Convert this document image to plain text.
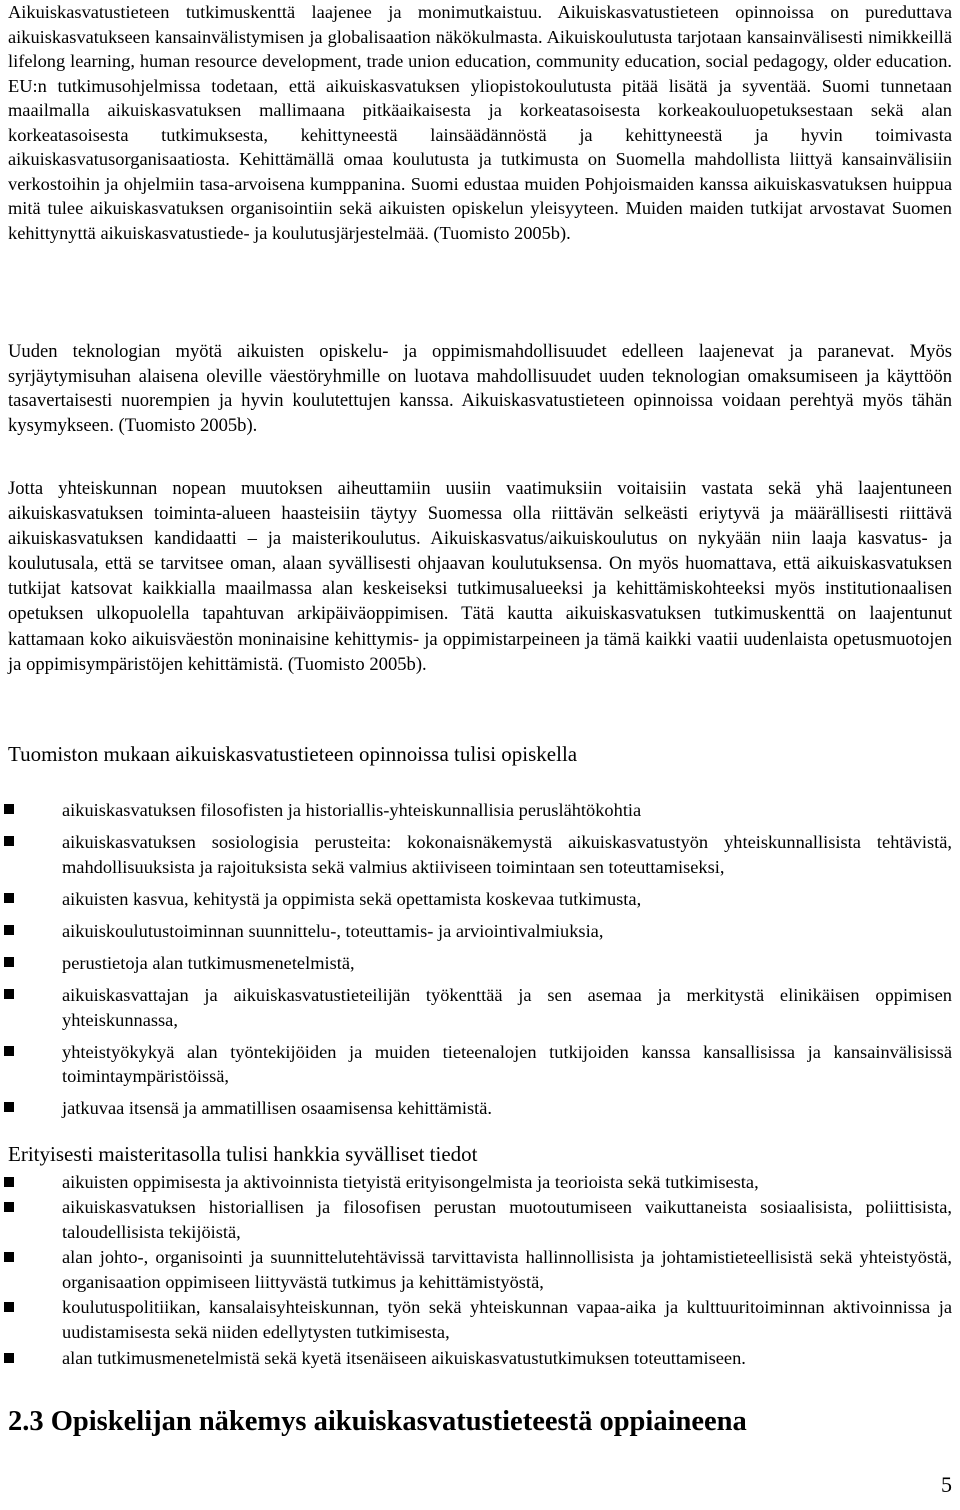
Aikuiskasvatustieteen tutkimuskenttä laajenee ja monimutkaistuu. Aikuiskasvatustieteen opinnoissa on pureduttava aikuiskasvatukseen kansainvälistymisen ja globalisaation näkökulmasta. Aikuiskoulutusta tarjotaan kansainvälisesti nimikkeillä lifelong learning, human resource development, trade union education, community education, social pedagogy, older education. EU:n tutkimusohjelmissa todetaan, että aikuiskasvatuksen yliopistokoulutusta pitää lisätä ja syventää. Suomi tunnetaan maailmalla aikuiskasvatuksen mallimaana pitkäaikaisesta ja korkeatasoisesta korkeakouluopetuksestaan sekä alan korkeatasoisesta tutkimuksesta, kehittyneestä lainsäädännöstä ja kehittyneestä ja hyvin toimivasta aikuiskasvatusorganisaatiosta. Kehittämällä omaa koulutusta ja tutkimusta on Suomella mahdollista liittyä kansainvälisiin verkostoihin ja ohjelmiin tasa-arvoisena kumppanina. Suomi edustaa muiden Pohjoismaiden kanssa aikuiskasvatuksen huippua mitä tulee aikuiskasvatuksen organisointiin sekä aikuisten opiskelun yleisyyteen. Muiden maiden tutkijat arvostavat Suomen kehittynyttä aikuiskasvatustiede- ja koulutusjärjestelmää. (Tuomisto 2005b).

Uuden teknologian myötä aikuisten opiskelu- ja oppimismahdollisuudet edelleen laajenevat ja paranevat. Myös syrjäytymisuhan alaisena oleville väestöryhmille on luotava mahdollisuudet uuden teknologian omaksumiseen ja käyttöön tasavertaisesti nuorempien ja hyvin koulutettujen kanssa. Aikuiskasvatustieteen opinnoissa voidaan perehtyä myös tähän kysymykseen. (Tuomisto 2005b).

Jotta yhteiskunnan nopean muutoksen aiheuttamiin uusiin vaatimuksiin voitaisiin vastata sekä yhä laajentuneen aikuiskasvatuksen toiminta-alueen haasteisiin täytyy Suomessa olla riittävän selkeästi eriytyvä ja määrällisesti riittävä aikuiskasvatuksen kandidaatti – ja maisterikoulutus. Aikuiskasvatus/aikuiskoulutus on nykyään niin laaja kasvatus- ja koulutusala, että se tarvitsee oman, alaan syvällisesti ohjaavan koulutuksensa. On myös huomattava, että aikuiskasvatuksen tutkijat katsovat kaikkialla maailmassa alan keskeiseksi tutkimusalueeksi ja kehittämiskohteeksi myös institutionaalisen opetuksen ulkopuolella tapahtuvan arkipäiväoppimisen. Tätä kautta aikuiskasvatuksen tutkimuskenttä on laajentunut kattamaan koko aikuisväestön moninaisine kehittymis- ja oppimistarpeineen ja tämä kaikki vaatii uudenlaista opetusmuotojen ja oppimisympäristöjen kehittämistä. (Tuomisto 2005b).

Tuomiston mukaan aikuiskasvatustieteen opinnoissa tulisi opiskella

aikuiskasvatuksen filosofisten ja historiallis-yhteiskunnallisia peruslähtökohtia
aikuiskasvatuksen sosiologisia perusteita: kokonaisnäkemystä aikuiskasvatustyön yhteiskunnallisista tehtävistä, mahdollisuuksista ja rajoituksista sekä valmius aktiiviseen toimintaan sen toteuttamiseksi,
aikuisten kasvua, kehitystä ja oppimista sekä opettamista koskevaa tutkimusta,
aikuiskoulutustoiminnan suunnittelu-, toteuttamis- ja arviointivalmiuksia,
perustietoja alan tutkimusmenetelmistä,
aikuiskasvattajan ja aikuiskasvatustieteilijän työkenttää ja sen asemaa ja merkitystä elinikäisen oppimisen yhteiskunnassa,
yhteistyökykyä alan työntekijöiden ja muiden tieteenalojen tutkijoiden kanssa kansallisissa ja kansainvälisissä toimintaympäristöissä,
jatkuvaa itsensä ja ammatillisen osaamisensa kehittämistä.

Erityisesti maisteritasolla tulisi hankkia syvälliset tiedot

aikuisten oppimisesta ja aktivoinnista tietyistä erityisongelmista ja teorioista sekä tutkimisesta,
aikuiskasvatuksen historiallisen ja filosofisen perustan muotoutumiseen vaikuttaneista sosiaalisista, poliittisista, taloudellisista tekijöistä,
alan johto-, organisointi ja suunnittelutehtävissä tarvittavista hallinnollisista ja johtamistieteellisistä sekä yhteistyöstä, organisaation oppimiseen liittyvästä tutkimus ja kehittämistyöstä,
koulutuspolitiikan, kansalaisyhteiskunnan, työn sekä yhteiskunnan vapaa-aika ja kulttuuritoiminnan aktivoinnissa ja uudistamisesta sekä niiden edellytysten tutkimisesta,
alan tutkimusmenetelmistä sekä kyetä itsenäiseen aikuiskasvatustutkimuksen toteuttamiseen.
2.3 Opiskelijan näkemys aikuiskasvatustieteestä oppiaineena

5
